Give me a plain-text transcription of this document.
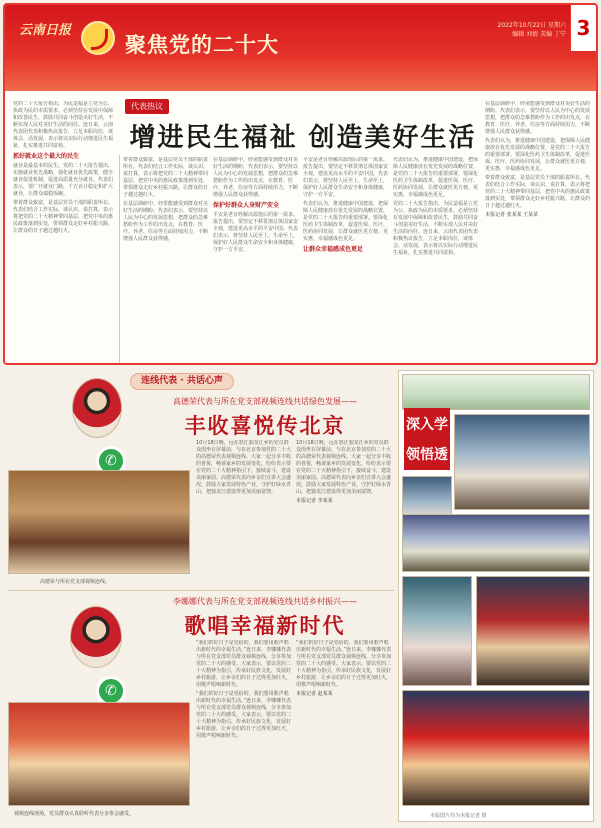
云南日报
聚焦党的二十大
2022年10月22日 星期六
编辑 刘倩 美编 丁宁 3
代表热议
增进民生福祉 创造美好生活
党的二十大报告指出，为民造福是立党为公、执政为民的本质要求。必须坚持在发展中保障和改善民生，鼓励共同奋斗创造美好生活，不断实现人民对美好生活的向往。连日来，云南代表团代表积极热议报告，立足本职岗位，谈体会、话发展，表示将以实际行动增进民生福祉，扎实推进共同富裕。
抓好就业这个最大的民生
就业是最基本的民生。党的二十大报告提出，实施就业优先战略，强化就业优先政策，健全就业促进机制，促进高质量充分就业。代表们表示，要广开就业门路，千方百计稳定和扩大就业，让群众端稳饭碗。
带着群众致富，是基层党员干部的职责所在。代表们结合工作实际，谈认识、说打算，表示将把党的二十大精神带回基层，把党中央的惠民政策落到实处，带领群众走好乡村振兴路，让群众的日子越过越红火。
带着群众致富，是基层党员干部的职责所在。代表们结合工作实际，谈认识、说打算，表示将把党的二十大精神带回基层，把党中央的惠民政策落到实处，带领群众走好乡村振兴路，让群众的日子越过越红火。
在基层调研中，经常能感受到群众对美好生活的期盼。代表们表示，要坚持以人民为中心的发展思想，把群众的急难愁盼作为工作的出发点，在教育、医疗、养老、住房等方面持续用力，不断增强人民群众获得感。
在基层调研中，经常能感受到群众对美好生活的期盼。代表们表示，要坚持以人民为中心的发展思想，把群众的急难愁盼作为工作的出发点，在教育、医疗、养老、住房等方面持续用力，不断增强人民群众获得感。
保护好群众人身财产安全
平安是老百姓解决温饱后的第一需求。报告提出，要坚定不移贯彻总体国家安全观，建设更高水平的平安中国。代表们表示，将坚持人民至上、生命至上，保护好人民群众生命安全和身体健康，守护一方平安。
平安是老百姓解决温饱后的第一需求。报告提出，要坚定不移贯彻总体国家安全观，建设更高水平的平安中国。代表们表示，将坚持人民至上、生命至上，保护好人民群众生命安全和身体健康，守护一方平安。
代表们认为，推进健康中国建设，把保障人民健康放在优先发展的战略位置，是党的二十大报告的重要部署。要深化医药卫生体制改革，促进医保、医疗、医药协同发展，让群众就医更方便、更实惠，幸福感成色更足。
让群众幸福感成色更足
代表们认为，推进健康中国建设，把保障人民健康放在优先发展的战略位置，是党的二十大报告的重要部署。要深化医药卫生体制改革，促进医保、医疗、医药协同发展，让群众就医更方便、更实惠，幸福感成色更足。
党的二十大报告指出，为民造福是立党为公、执政为民的本质要求。必须坚持在发展中保障和改善民生，鼓励共同奋斗创造美好生活，不断实现人民对美好生活的向往。连日来，云南代表团代表积极热议报告，立足本职岗位，谈体会、话发展，表示将以实际行动增进民生福祉，扎实推进共同富裕。
在基层调研中，经常能感受到群众对美好生活的期盼。代表们表示，要坚持以人民为中心的发展思想，把群众的急难愁盼作为工作的出发点，在教育、医疗、养老、住房等方面持续用力，不断增强人民群众获得感。
代表们认为，推进健康中国建设，把保障人民健康放在优先发展的战略位置，是党的二十大报告的重要部署。要深化医药卫生体制改革，促进医保、医疗、医药协同发展，让群众就医更方便、更实惠，幸福感成色更足。
带着群众致富，是基层党员干部的职责所在。代表们结合工作实际，谈认识、说打算，表示将把党的二十大精神带回基层，把党中央的惠民政策落到实处，带领群众走好乡村振兴路，让群众的日子越过越红火。
本报记者 张某某 王某某
连线代表 · 共话心声
高德荣代表与所在党支部视频连线共话绿色发展——
丰收喜悦传北京
✆
高德荣与所在党支部视频连线。
10月18日晚，远在怒江独龙江乡的党员群众围坐在屏幕前，与在北京参加党的二十大的高德荣代表视频连线。大家一起分享丰收的喜悦，畅谈家乡的发展变化，纷纷表示要在党的二十大精神指引下，接续奋斗，建设美丽家园。高德荣代表向乡亲们宣讲大会盛况，鼓励大家发展特色产业，守护好绿水青山，把独龙江建设得更加美丽富饶。
10月18日晚，远在怒江独龙江乡的党员群众围坐在屏幕前，与在北京参加党的二十大的高德荣代表视频连线。大家一起分享丰收的喜悦，畅谈家乡的发展变化，纷纷表示要在党的二十大精神指引下，接续奋斗，建设美丽家园。高德荣代表向乡亲们宣讲大会盛况，鼓励大家发展特色产业，守护好绿水青山，把独龙江建设得更加美丽富饶。
本报记者 李某某
李娜娜代表与所在党支部视频连线共话乡村振兴——
歌唱幸福新时代
✆
视频连线现场，党员群众认真聆听代表分享参会感受。
“我们的好日子是党给的，我们要用歌声唱出新时代的幸福生活。”连日来，李娜娜代表与所在党支部党员群众视频连线，分享参加党的二十大的感受。大家表示，要以党的二十大精神为指引，传承好民族文化，发展好乡村旅游，让乡亲们的日子过得更加红火，用歌声唱响新时代。
“我们的好日子是党给的，我们要用歌声唱出新时代的幸福生活。”连日来，李娜娜代表与所在党支部党员群众视频连线，分享参加党的二十大的感受。大家表示，要以党的二十大精神为指引，传承好民族文化，发展好乡村旅游，让乡亲们的日子过得更加红火，用歌声唱响新时代。
“我们的好日子是党给的，我们要用歌声唱出新时代的幸福生活。”连日来，李娜娜代表与所在党支部党员群众视频连线，分享参加党的二十大的感受。大家表示，要以党的二十大精神为指引，传承好民族文化，发展好乡村旅游，让乡亲们的日子过得更加红火，用歌声唱响新时代。
本报记者 赵某某
深入学领悟透
本版图片均为本报记者 摄
